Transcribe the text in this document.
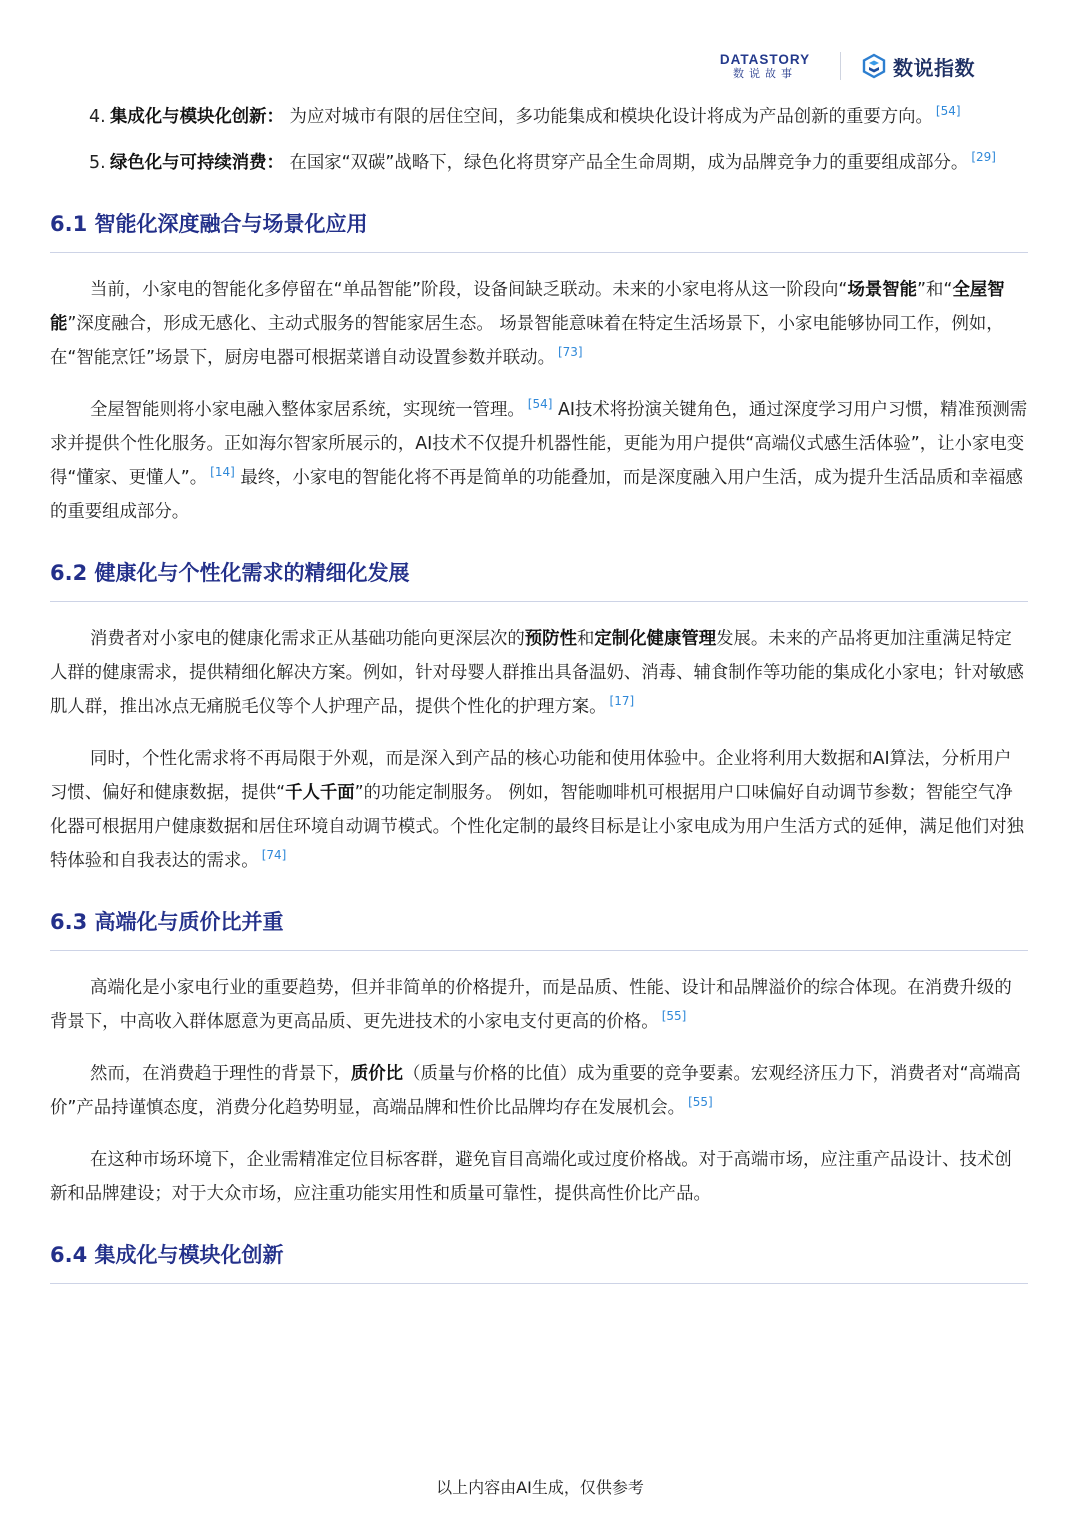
DATASTORY
数说故事	数说指数
4. 集成化与模块化创新： 为应对城市有限的居住空间，多功能集成和模块化设计将成为产品创新的重要方向。 [54]
5. 绿色化与可持续消费： 在国家“双碳”战略下，绿色化将贯穿产品全生命周期，成为品牌竞争力的重要组成部分。 [29]
6.1 智能化深度融合与场景化应用

当前，小家电的智能化多停留在“单品智能”阶段，设备间缺乏联动。未来的小家电将从这一阶段向“场景智能”和“全屋智能”深度融合，形成无感化、主动式服务的智能家居生态。 场景智能意味着在特定生活场景下，小家电能够协同工作，例如，在“智能烹饪”场景下，厨房电器可根据菜谱自动设置参数并联动。 [73]

全屋智能则将小家电融入整体家居系统，实现统一管理。 [54] AI技术将扮演关键角色，通过深度学习用户习惯，精准预测需求并提供个性化服务。正如海尔智家所展示的，AI技术不仅提升机器性能，更能为用户提供“高端仪式感生活体验”，让小家电变得“懂家、更懂人”。 [14] 最终，小家电的智能化将不再是简单的功能叠加，而是深度融入用户生活，成为提升生活品质和幸福感的重要组成部分。

6.2 健康化与个性化需求的精细化发展

消费者对小家电的健康化需求正从基础功能向更深层次的预防性和定制化健康管理发展。未来的产品将更加注重满足特定人群的健康需求，提供精细化解决方案。例如，针对母婴人群推出具备温奶、消毒、辅食制作等功能的集成化小家电；针对敏感肌人群，推出冰点无痛脱毛仪等个人护理产品，提供个性化的护理方案。 [17]

同时，个性化需求将不再局限于外观，而是深入到产品的核心功能和使用体验中。企业将利用大数据和AI算法，分析用户习惯、偏好和健康数据，提供“千人千面”的功能定制服务。 例如，智能咖啡机可根据用户口味偏好自动调节参数；智能空气净化器可根据用户健康数据和居住环境自动调节模式。个性化定制的最终目标是让小家电成为用户生活方式的延伸，满足他们对独特体验和自我表达的需求。 [74]

6.3 高端化与质价比并重

高端化是小家电行业的重要趋势，但并非简单的价格提升，而是品质、性能、设计和品牌溢价的综合体现。在消费升级的背景下，中高收入群体愿意为更高品质、更先进技术的小家电支付更高的价格。 [55]

然而，在消费趋于理性的背景下，质价比（质量与价格的比值）成为重要的竞争要素。宏观经济压力下，消费者对“高端高价”产品持谨慎态度，消费分化趋势明显，高端品牌和性价比品牌均存在发展机会。 [55]

在这种市场环境下，企业需精准定位目标客群，避免盲目高端化或过度价格战。对于高端市场，应注重产品设计、技术创新和品牌建设；对于大众市场，应注重功能实用性和质量可靠性，提供高性价比产品。

6.4 集成化与模块化创新
以上内容由AI生成，仅供参考
